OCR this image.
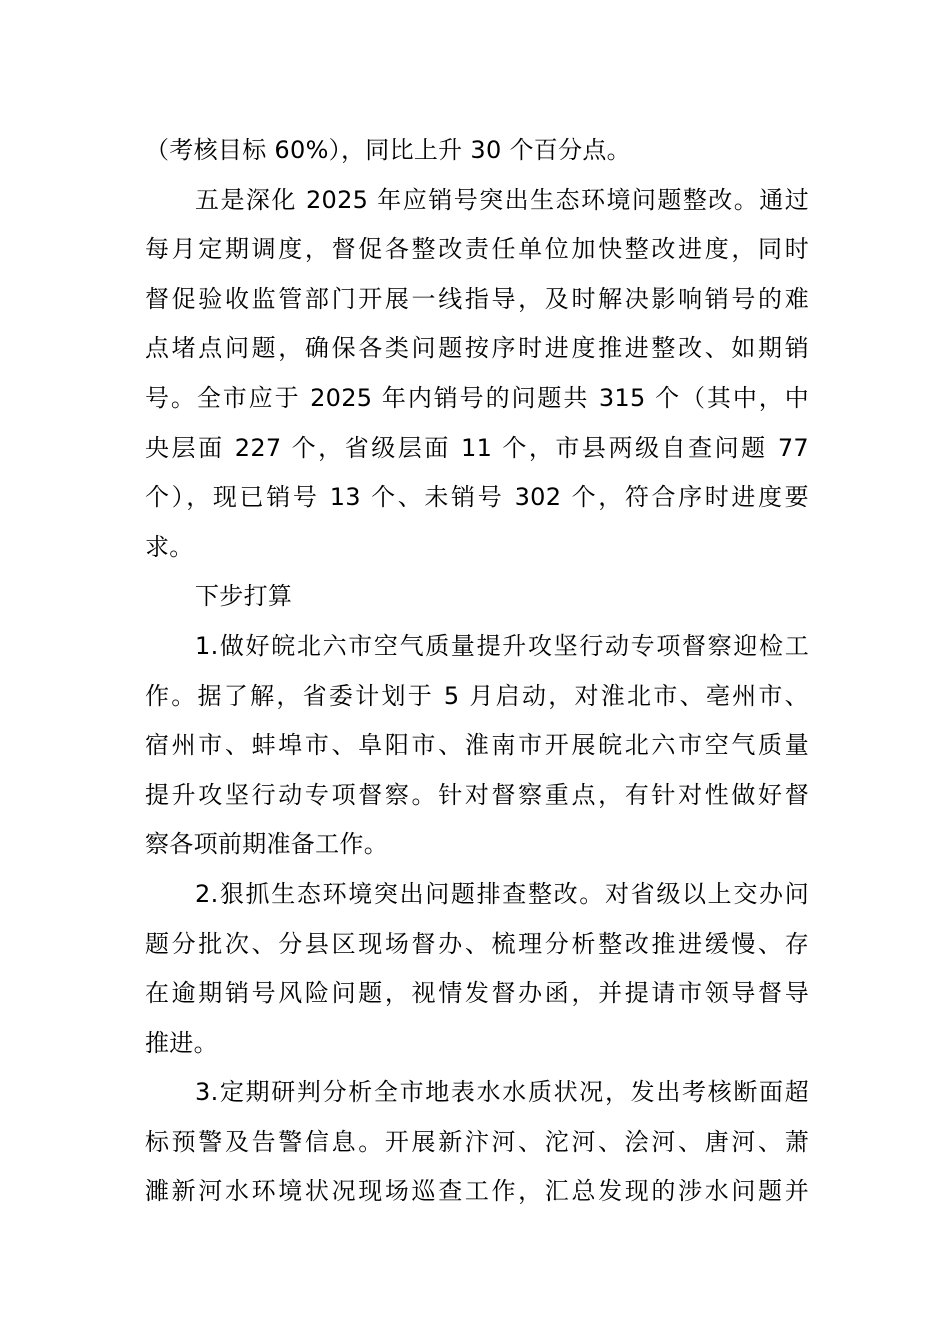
（考核目标 60%），同比上升 30 个百分点。
五是深化 2025 年应销号突出生态环境问题整改。通过
每月定期调度，督促各整改责任单位加快整改进度，同时
督促验收监管部门开展一线指导，及时解决影响销号的难
点堵点问题，确保各类问题按序时进度推进整改、如期销
号。全市应于 2025 年内销号的问题共 315 个（其中，中
央层面 227 个，省级层面 11 个，市县两级自查问题 77
个），现已销号 13 个、未销号 302 个，符合序时进度要
求。
下步打算
1.做好皖北六市空气质量提升攻坚行动专项督察迎检工
作。据了解，省委计划于 5 月启动，对淮北市、亳州市、
宿州市、蚌埠市、阜阳市、淮南市开展皖北六市空气质量
提升攻坚行动专项督察。针对督察重点，有针对性做好督
察各项前期准备工作。
2.狠抓生态环境突出问题排查整改。对省级以上交办问
题分批次、分县区现场督办、梳理分析整改推进缓慢、存
在逾期销号风险问题，视情发督办函，并提请市领导督导
推进。
3.定期研判分析全市地表水水质状况，发出考核断面超
标预警及告警信息。开展新汴河、沱河、浍河、唐河、萧
濉新河水环境状况现场巡查工作，汇总发现的涉水问题并
